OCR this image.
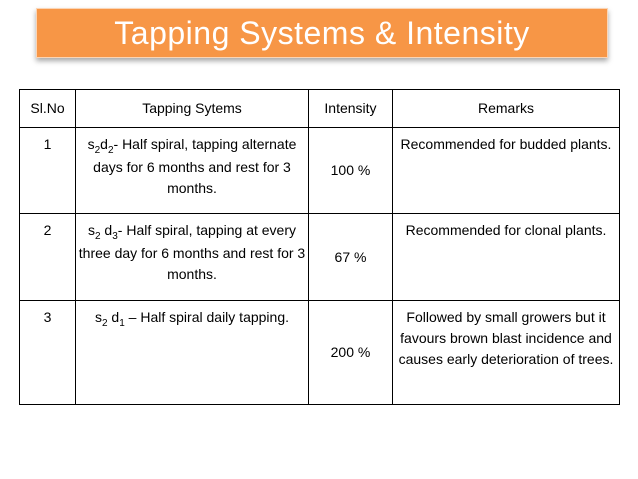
Tapping Systems & Intensity
Sl.No	Tapping Sytems	Intensity	Remarks
1	$s_2d_2-$ Half spiral, tapping alternate days for 6 months and rest for 3 months.	100 %	Recommended for budded plants.
2	$s_2$ $d_3-$ Half spiral, tapping at every three day for 6 months and rest for 3 months.	67 %	Recommended for clonal plants.
3	$s_2$ $d_1$ – Half spiral daily tapping.	200 %	Followed by small growers but it favours brown blast incidence and causes early deterioration of trees.
